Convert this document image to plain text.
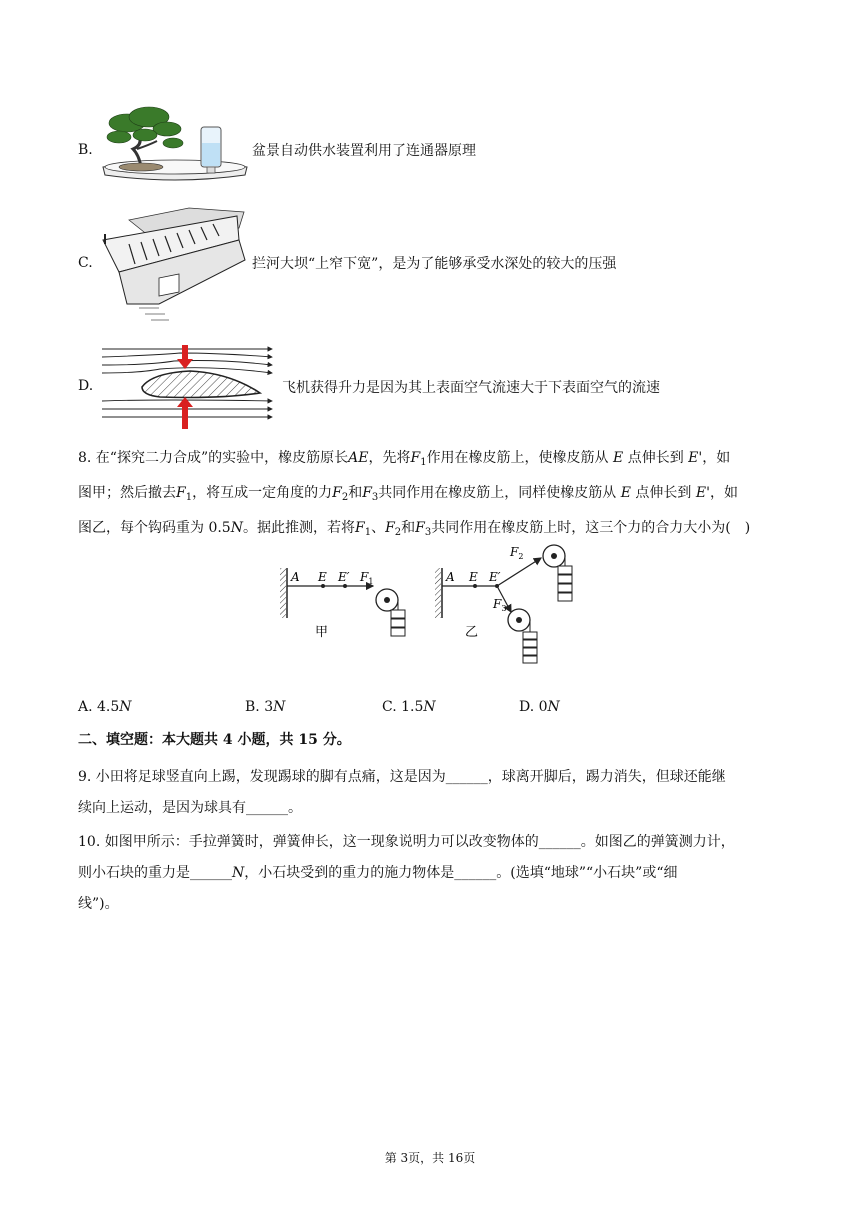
B.	盆景自动供水装置利用了连通器原理
C.	拦河大坝“上窄下宽”，是为了能够承受水深处的较大的压强
D.	飞机获得升力是因为其上表面空气流速大于下表面空气的流速
8. 在“探究二力合成”的实验中，橡皮筋原长AE，先将$F_1$作用在橡皮筋上，使橡皮筋从 E 点伸长到 E'，如
图甲；然后撤去$F_1$，将互成一定角度的力$F_2$和$F_3$共同作用在橡皮筋上，同样使橡皮筋从 E 点伸长到 E'，如
图乙，每个钩码重为 0.5N。据此推测，若将$F_1$、$F_2$和$F_3$共同作用在橡皮筋上时，这三个力的合力大小为(　)
A E E′ $F_1$
甲
A E E′
$F_2$
$F_3$
乙
A. 4.5N	B. 3N	C. 1.5N	D. 0N
二、填空题：本大题共 4 小题，共 15 分。
9. 小田将足球竖直向上踢，发现踢球的脚有点痛，这是因为______，球离开脚后，踢力消失，但球还能继
续向上运动，是因为球具有______。
10. 如图甲所示：手拉弹簧时，弹簧伸长，这一现象说明力可以改变物体的______。如图乙的弹簧测力计，
则小石块的重力是______N，小石块受到的重力的施力物体是______。(选填“地球”“小石块”或“细
线”)。
第 3页，共 16页
